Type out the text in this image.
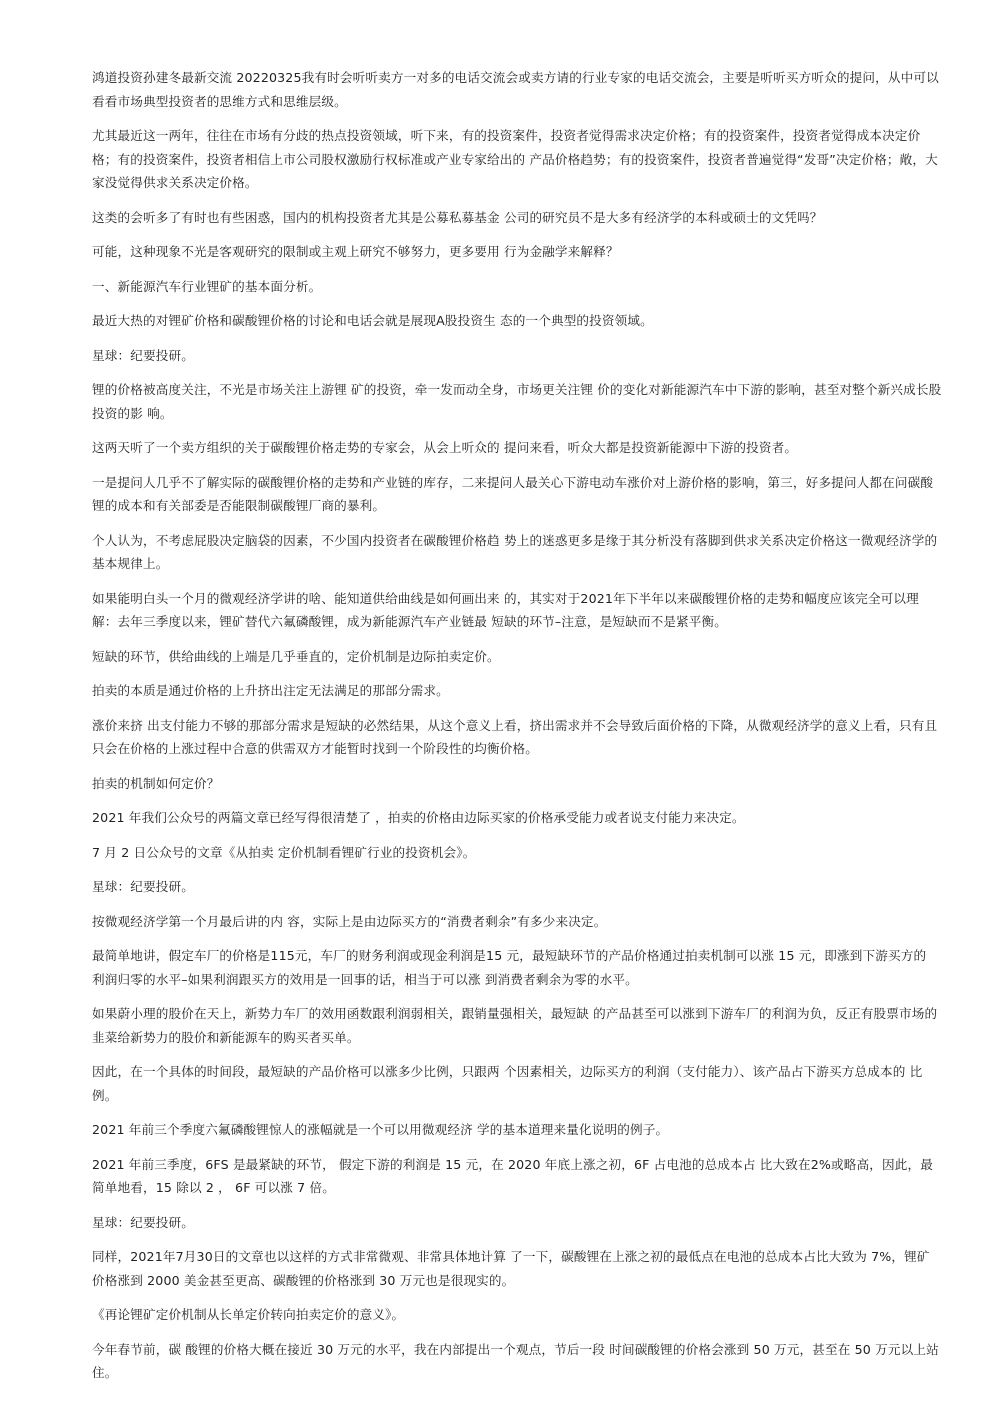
鸿道投资孙建冬最新交流 20220325我有时会听听卖方一对多的电话交流会或卖方请的行业专家的电话交流会，主要是听听买方听众的提问，从中可以看看市场典型投资者的思维方式和思维层级。

尤其最近这一两年，往往在市场有分歧的热点投资领域，听下来，有的投资案件，投资者觉得需求决定价格；有的投资案件，投资者觉得成本决定价格；有的投资案件，投资者相信上市公司股权激励行权标准或产业专家给出的 产品价格趋势；有的投资案件，投资者普遍觉得“发哥”决定价格；敞，大家没觉得供求关系决定价格。

这类的会听多了有时也有些困惑，国内的机构投资者尤其是公募私募基金 公司的研究员不是大多有经济学的本科或硕士的文凭吗？

可能，这种现象不光是客观研究的限制或主观上研究不够努力，更多要用 行为金融学来解释？

一、新能源汽车行业锂矿的基本面分析。

最近大热的对锂矿价格和碳酸锂价格的讨论和电话会就是展现A股投资生 态的一个典型的投资领域。

星球：纪要投研。

锂的价格被高度关注，不光是市场关注上游锂 矿的投资，牵一发而动全身，市场更关注锂 价的变化对新能源汽车中下游的影响，甚至对整个新兴成长股投资的影 响。

这两天听了一个卖方组织的关于碳酸锂价格走势的专家会，从会上听众的 提问来看，听众大都是投资新能源中下游的投资者。

一是提问人几乎不了解实际的碳酸锂价格的走势和产业链的库存，二来提问人最关心下游电动车涨价对上游价格的影响，第三，好多提问人都在问碳酸锂的成本和有关部委是否能限制碳酸锂厂商的暴利。

个人认为，不考虑屁股决定脑袋的因素，不少国内投资者在碳酸锂价格趋 势上的迷惑更多是缘于其分析没有落脚到供求关系决定价格这一微观经济学的基本规律上。

如果能明白头一个月的微观经济学讲的啥、能知道供给曲线是如何画出来 的，其实对于2021年下半年以来碳酸锂价格的走势和幅度应该完全可以理解：去年三季度以来，锂矿替代六氟磷酸锂，成为新能源汽车产业链最 短缺的环节–注意，是短缺而不是紧平衡。

短缺的环节，供给曲线的上端是几乎垂直的，定价机制是边际拍卖定价。

拍卖的本质是通过价格的上升挤出注定无法满足的那部分需求。

涨价来挤 出支付能力不够的那部分需求是短缺的必然结果，从这个意义上看，挤出需求并不会导致后面价格的下降，从微观经济学的意义上看，只有且只会在价格的上涨过程中合意的供需双方才能暂时找到一个阶段性的均衡价格。

拍卖的机制如何定价？

2021 年我们公众号的两篇文章已经写得很清楚了 ，拍卖的价格由边际买家的价格承受能力或者说支付能力来决定。

7 月 2 日公众号的文章《从拍卖 定价机制看锂矿行业的投资机会》。

星球：纪要投研。

按微观经济学第一个月最后讲的内 容，实际上是由边际买方的“消费者剩余”有多少来决定。

最简单地讲，假定车厂的价格是115元，车厂的财务利润或现金利润是15 元，最短缺环节的产品价格通过拍卖机制可以涨 15 元，即涨到下游买方的 利润归零的水平–如果利润跟买方的效用是一回事的话，相当于可以涨 到消费者剩余为零的水平。

如果蔚小理的股价在天上，新势力车厂的效用函数跟利润弱相关，跟销量强相关，最短缺 的产品甚至可以涨到下游车厂的利润为负，反正有股票市场的韭菜给新势力的股价和新能源车的购买者买单。

因此，在一个具体的时间段，最短缺的产品价格可以涨多少比例，只跟两 个因素相关，边际买方的利润（支付能力）、该产品占下游买方总成本的 比例。

2021 年前三个季度六氟磷酸锂惊人的涨幅就是一个可以用微观经济 学的基本道理来量化说明的例子。

2021 年前三季度，6FS 是最紧缺的环节， 假定下游的利润是 15 元，在 2020 年底上涨之初，6F 占电池的总成本占 比大致在2%或略高，因此，最简单地看，15 除以 2 ， 6F 可以涨 7 倍。

星球：纪要投研。

同样，2021年7月30日的文章也以这样的方式非常微观、非常具体地计算 了一下，碳酸锂在上涨之初的最低点在电池的总成本占比大致为 7%，锂矿 价格涨到 2000 美金甚至更高、碳酸锂的价格涨到 30 万元也是很现实的。

《再论锂矿定价机制从长单定价转向拍卖定价的意义》。

今年春节前，碳 酸锂的价格大概在接近 30 万元的水平，我在内部提出一个观点，节后一段 时间碳酸锂的价格会涨到 50 万元，甚至在 50 万元以上站住。
